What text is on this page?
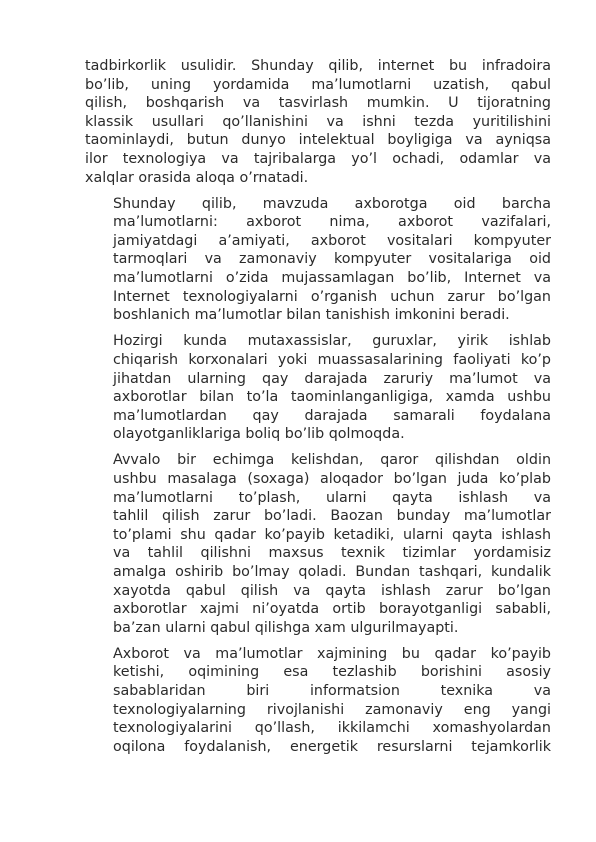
tadbirkorlik usulidir. Shunday qilib, internet bu infradoira
bo’lib, uning yordamida ma’lumotlarni uzatish, qabul
qilish, boshqarish va tasvirlash mumkin. U tijoratning
klassik usullari qo’llanishini va ishni tezda yuritilishini
taominlaydi, butun dunyo intelektual boyligiga va ayniqsa
ilor texnologiya va tajribalarga yo’l ochadi, odamlar va
xalqlar orasida aloqa o’rnatadi.

Shunday qilib, mavzuda axborotga oid barcha
ma’lumotlarni: axborot nima, axborot vazifalari,
jamiyatdagi a’amiyati, axborot vositalari kompyuter
tarmoqlari va zamonaviy kompyuter vositalariga oid
ma’lumotlarni o’zida mujassamlagan bo’lib, Internet va
Internet texnologiyalarni o’rganish uchun zarur bo’lgan
boshlanich ma’lumotlar bilan tanishish imkonini beradi.

Hozirgi kunda mutaxassislar, guruxlar, yirik ishlab
chiqarish korxonalari yoki muassasalarining faoliyati ko’p
jihatdan ularning qay darajada zaruriy ma’lumot va
axborotlar bilan to’la taominlanganligiga, xamda ushbu
ma’lumotlardan qay darajada samarali foydalana
olayotganliklariga boliq bo’lib qolmoqda.

Avvalo bir echimga kelishdan, qaror qilishdan oldin
ushbu masalaga (soxaga) aloqador bo’lgan juda ko’plab
ma’lumotlarni to’plash, ularni qayta ishlash va
tahlil qilish zarur bo’ladi. Baozan bunday ma’lumotlar
to’plami shu qadar ko’payib ketadiki, ularni qayta ishlash
va tahlil qilishni maxsus texnik tizimlar yordamisiz
amalga oshirib bo’lmay qoladi. Bundan tashqari, kundalik
xayotda qabul qilish va qayta ishlash zarur bo’lgan
axborotlar xajmi ni’oyatda ortib borayotganligi sababli,
ba’zan ularni qabul qilishga xam ulgurilmayapti.

Axborot va ma’lumotlar xajmining bu qadar ko’payib
ketishi, oqimining esa tezlashib borishini asosiy
sabablaridan biri informatsion texnika va
texnologiyalarning rivojlanishi zamonaviy eng yangi
texnologiyalarini qo’llash, ikkilamchi xomashyolardan
oqilona foydalanish, energetik resurslarni tejamkorlik
